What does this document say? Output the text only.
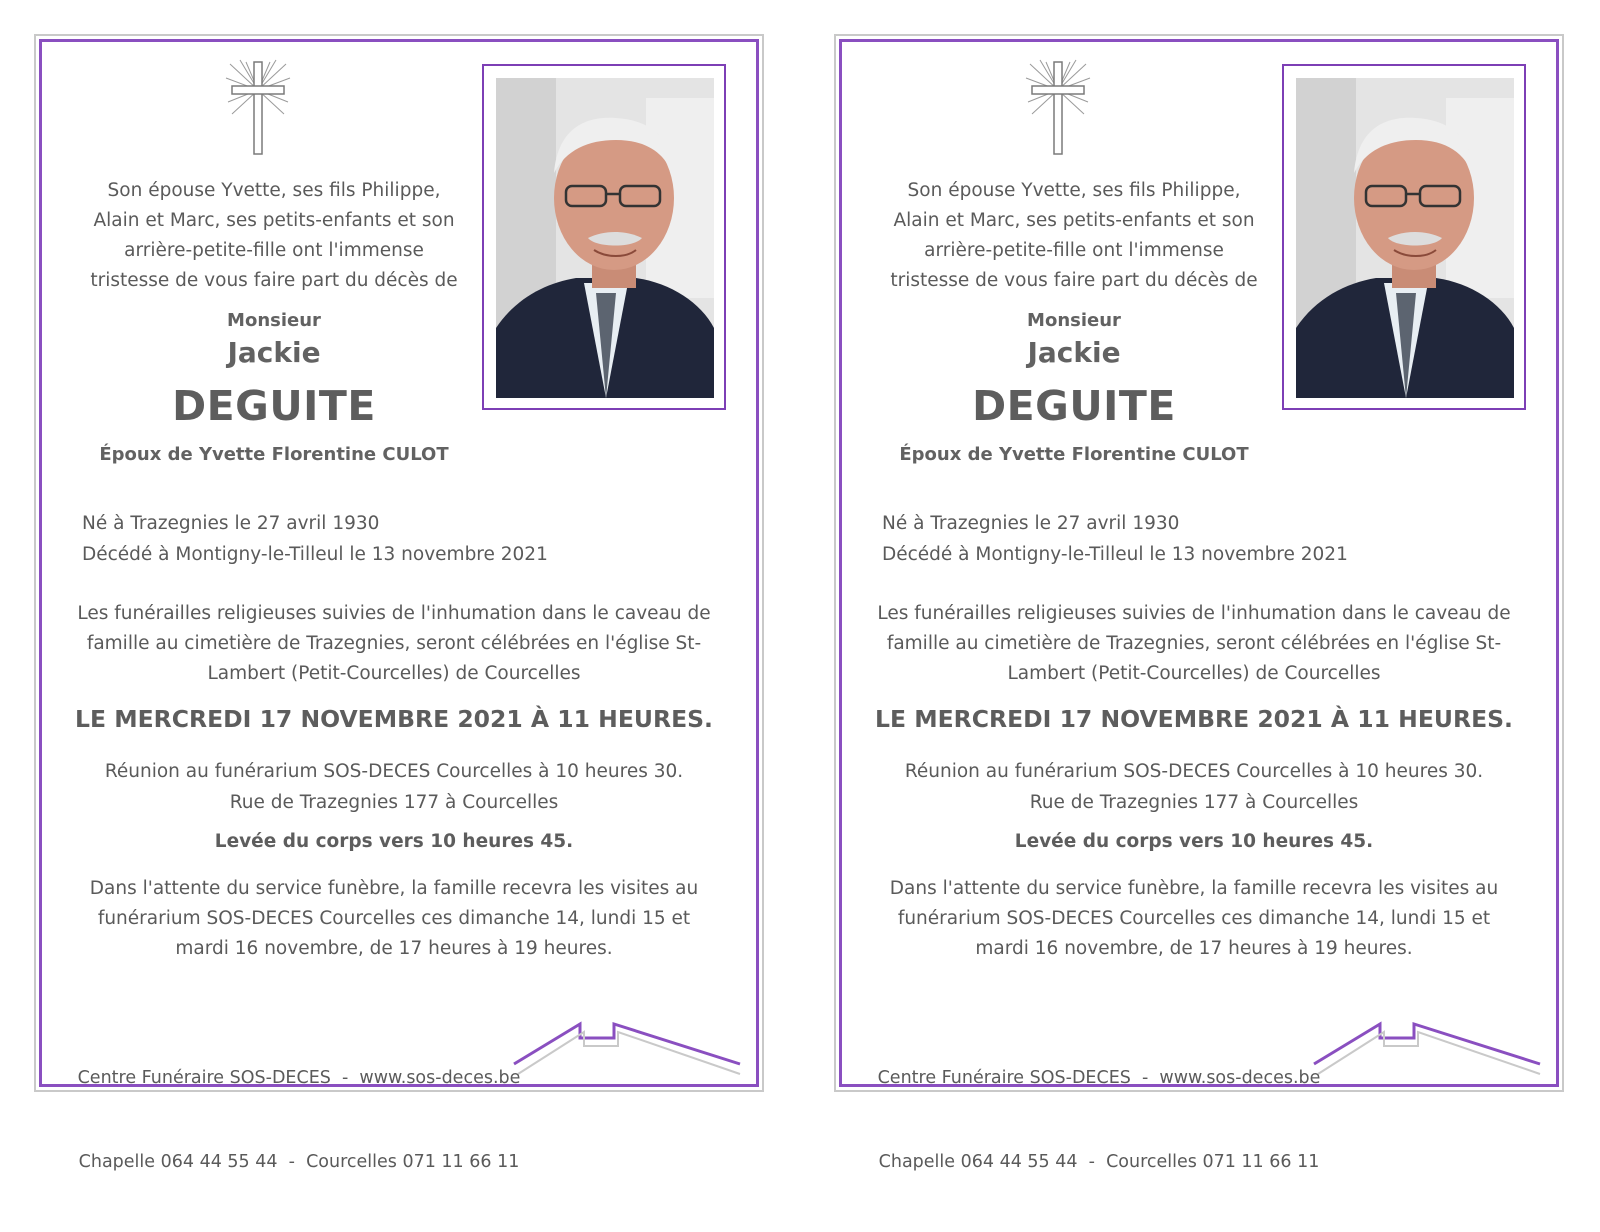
Son épouse Yvette, ses fils Philippe,
Alain et Marc, ses petits-enfants et son
arrière-petite-fille ont l'immense
tristesse de vous faire part du décès de
Monsieur
Jackie
DEGUITE
Époux de Yvette Florentine CULOT
Né à Trazegnies le 27 avril 1930
Décédé à Montigny-le-Tilleul le 13 novembre 2021
Les funérailles religieuses suivies de l'inhumation dans le caveau de
famille au cimetière de Trazegnies, seront célébrées en l'église St-
Lambert (Petit-Courcelles) de Courcelles
LE MERCREDI 17 NOVEMBRE 2021 À 11 HEURES.
Réunion au funérarium SOS-DECES Courcelles à 10 heures 30.
Rue de Trazegnies 177 à Courcelles
Levée du corps vers 10 heures 45.
Dans l'attente du service funèbre, la famille recevra les visites au
funérarium SOS-DECES Courcelles ces dimanche 14, lundi 15 et
mardi 16 novembre, de 17 heures à 19 heures.

Centre Funéraire SOS-DECES  -  www.sos-deces.be

Chapelle 064 44 55 44  -  Courcelles 071 11 66 11

Son épouse Yvette, ses fils Philippe,
Alain et Marc, ses petits-enfants et son
arrière-petite-fille ont l'immense
tristesse de vous faire part du décès de
Monsieur
Jackie
DEGUITE
Époux de Yvette Florentine CULOT
Né à Trazegnies le 27 avril 1930
Décédé à Montigny-le-Tilleul le 13 novembre 2021
Les funérailles religieuses suivies de l'inhumation dans le caveau de
famille au cimetière de Trazegnies, seront célébrées en l'église St-
Lambert (Petit-Courcelles) de Courcelles
LE MERCREDI 17 NOVEMBRE 2021 À 11 HEURES.
Réunion au funérarium SOS-DECES Courcelles à 10 heures 30.
Rue de Trazegnies 177 à Courcelles
Levée du corps vers 10 heures 45.
Dans l'attente du service funèbre, la famille recevra les visites au
funérarium SOS-DECES Courcelles ces dimanche 14, lundi 15 et
mardi 16 novembre, de 17 heures à 19 heures.

Centre Funéraire SOS-DECES  -  www.sos-deces.be

Chapelle 064 44 55 44  -  Courcelles 071 11 66 11
